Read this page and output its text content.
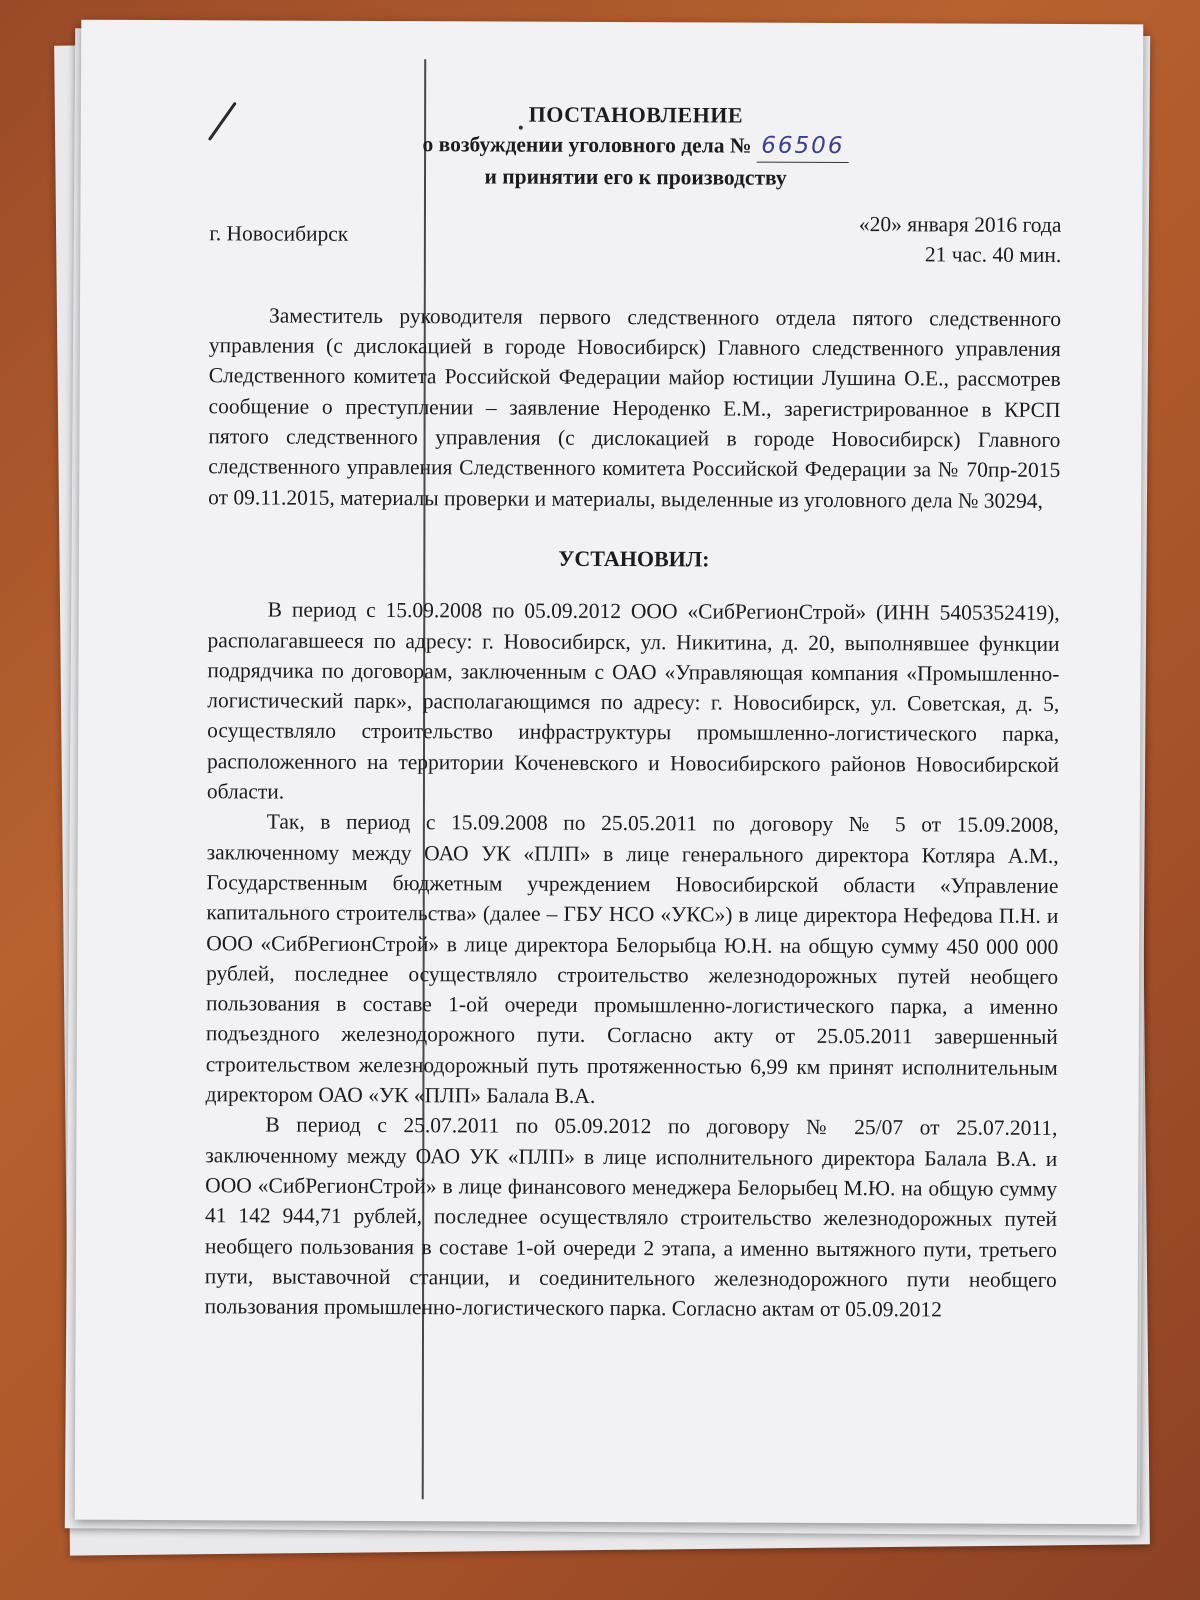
ПОСТАНОВЛЕНИЕ
о возбуждении уголовного дела № 66506
и принятии его к производству
г. Новосибирск	«20» января 2016 года
21 час. 40 мин.

Заместитель руководителя первого следственного отдела пятого следственного управления (с дислокацией в городе Новосибирск) Главного следственного управления Следственного комитета Российской Федерации майор юстиции Лушина О.Е., рассмотрев сообщение о преступлении – заявление Нероденко Е.М., зарегистрированное в КРСП пятого следственного управления (с дислокацией в городе Новосибирск) Главного следственного управления Следственного комитета Российской Федерации за № 70пр-2015 от 09.11.2015, материалы проверки и материалы, выделенные из уголовного дела № 30294,

УСТАНОВИЛ:

В период с 15.09.2008 по 05.09.2012 ООО «СибРегионСтрой» (ИНН 5405352419), располагавшееся по адресу: г. Новосибирск, ул. Никитина, д. 20, выполнявшее функции подрядчика по договорам, заключенным с ОАО «Управляющая компания «Промышленно-логистический парк», располагающимся по адресу: г. Новосибирск, ул. Советская, д. 5, осуществляло строительство инфраструктуры промышленно-логистического парка, расположенного на территории Коченевского и Новосибирского районов Новосибирской области.

Так, в период с 15.09.2008 по 25.05.2011 по договору № 5 от 15.09.2008, заключенному между ОАО УК «ПЛП» в лице генерального директора Котляра А.М., Государственным бюджетным учреждением Новосибирской области «Управление капитального строительства» (далее – ГБУ НСО «УКС») в лице директора Нефедова П.Н. и ООО «СибРегионСтрой» в лице директора Белорыбца Ю.Н. на общую сумму 450 000 000 рублей, последнее осуществляло строительство железнодорожных путей необщего пользования в составе 1-ой очереди промышленно-логистического парка, а именно подъездного железнодорожного пути. Согласно акту от 25.05.2011 завершенный строительством железнодорожный путь протяженностью 6,99 км принят исполнительным директором ОАО «УК «ПЛП» Балала В.А.

В период с 25.07.2011 по 05.09.2012 по договору № 25/07 от 25.07.2011, заключенному между ОАО УК «ПЛП» в лице исполнительного директора Балала В.А. и ООО «СибРегионСтрой» в лице финансового менеджера Белорыбец М.Ю. на общую сумму 41 142 944,71 рублей, последнее осуществляло строительство железнодорожных путей необщего пользования в составе 1-ой очереди 2 этапа, а именно вытяжного пути, третьего пути, выставочной станции, и соединительного железнодорожного пути необщего пользования промышленно-логистического парка. Согласно актам от 05.09.2012
